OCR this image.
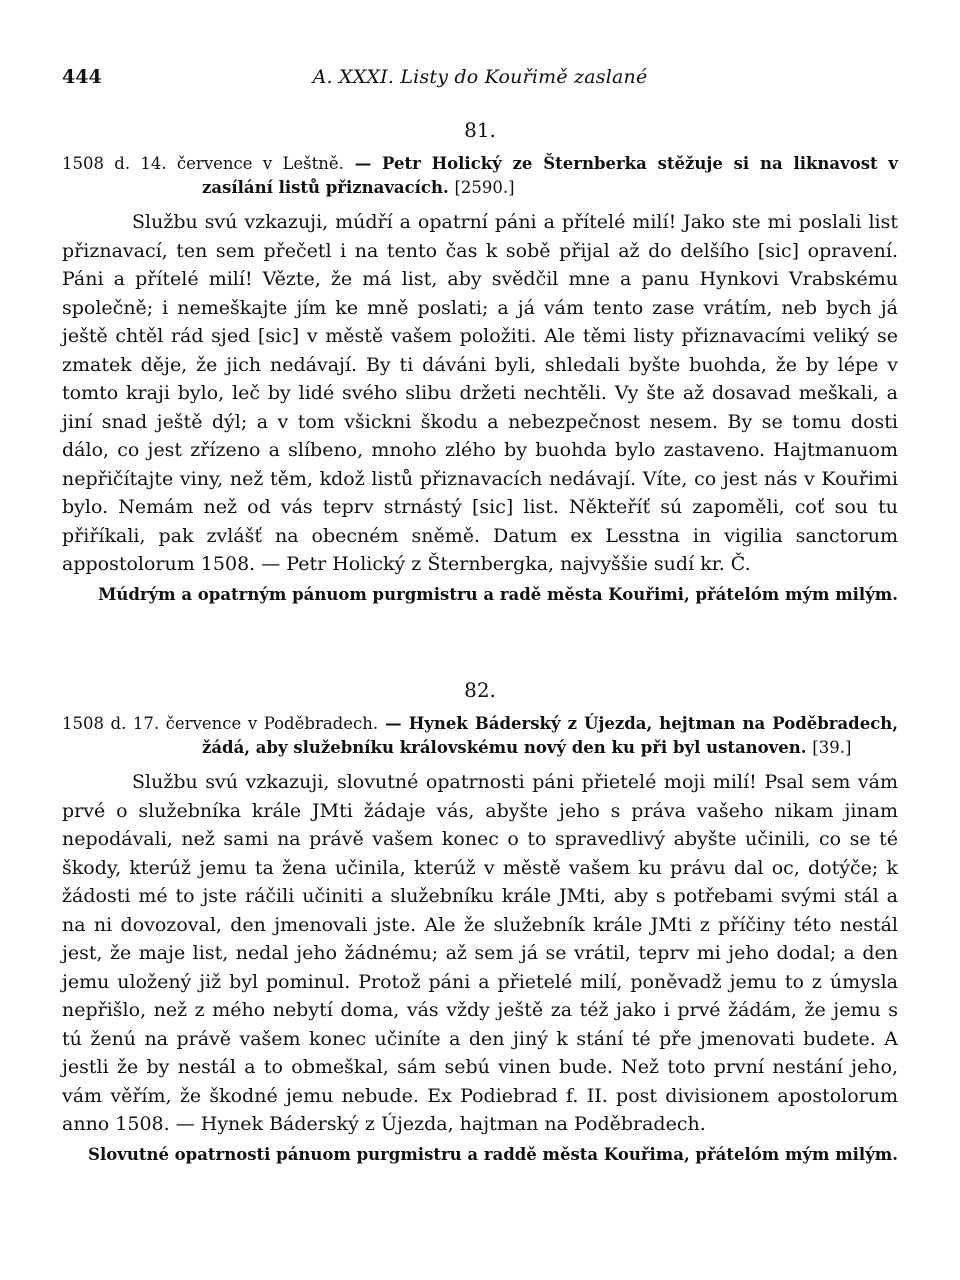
444	A. XXXI. Listy do Kouřimě zaslané
81.

1508 d. 14. července v Leštně. — Petr Holický ze Šternberka stěžuje si na liknavost v zasílání listů přiznavacích. [2590.]

Službu svú vzkazuji, múdří a opatrní páni a přítelé milí! Jako ste mi poslali list přiznavací, ten sem přečetl i na tento čas k sobě přijal až do delšího [sic] opravení. Páni a přítelé milí! Vězte, že má list, aby svědčil mne a panu Hynkovi Vrabskému společně; i nemeškajte jím ke mně poslati; a já vám tento zase vrátím, neb bych já ještě chtěl rád sjed [sic] v městě vašem položiti. Ale těmi listy přiznavacími veliký se zmatek děje, že jich nedávají. By ti dáváni byli, shledali byšte buohda, že by lépe v tomto kraji bylo, leč by lidé svého slibu držeti nechtěli. Vy šte až dosavad meškali, a jiní snad ještě dýl; a v tom všickni škodu a nebezpečnost nesem. By se tomu dosti dálo, co jest zřízeno a slíbeno, mnoho zlého by buohda bylo zastaveno. Hajtmanuom nepřičítajte viny, než těm, kdož listů přiznavacích nedávají. Víte, co jest nás v Kouřimi bylo. Nemám než od vás teprv strnástý [sic] list. Někteříť sú zapoměli, coť sou tu přiříkali, pak zvlášť na obecném sněmě. Datum ex Lesstna in vigilia sanctorum appostolorum 1508. — Petr Holický z Šternbergka, najvyššie sudí kr. Č.

Múdrým a opatrným pánuom purgmistru a radě města Kouřimi, přátelóm mým milým.

82.

1508 d. 17. července v Poděbradech. — Hynek Báderský z Újezda, hejtman na Poděbradech, žádá, aby služebníku královskému nový den ku při byl ustanoven. [39.]

Službu svú vzkazuji, slovutné opatrnosti páni přietelé moji milí! Psal sem vám prvé o služebníka krále JMti žádaje vás, abyšte jeho s práva vašeho nikam jinam nepodávali, než sami na právě vašem konec o to spravedlivý abyšte učinili, co se té škody, kterúž jemu ta žena učinila, kterúž v městě vašem ku právu dal oc, dotýče; k žádosti mé to jste ráčili učiniti a služebníku krále JMti, aby s potřebami svými stál a na ni dovozoval, den jmenovali jste. Ale že služebník krále JMti z příčiny této nestál jest, že maje list, nedal jeho žádnému; až sem já se vrátil, teprv mi jeho dodal; a den jemu uložený již byl pominul. Protož páni a přietelé milí, poněvadž jemu to z úmysla nepřišlo, než z mého nebytí doma, vás vždy ještě za též jako i prvé žádám, že jemu s tú ženú na právě vašem konec učiníte a den jiný k stání té pře jmenovati budete. A jestli že by nestál a to obmeškal, sám sebú vinen bude. Než toto první nestání jeho, vám věřím, že škodné jemu nebude. Ex Podiebrad f. II. post divisionem apostolorum anno 1508. — Hynek Báderský z Újezda, hajtman na Poděbradech.

Slovutné opatrnosti pánuom purgmistru a raddě města Kouřima, přátelóm mým milým.
